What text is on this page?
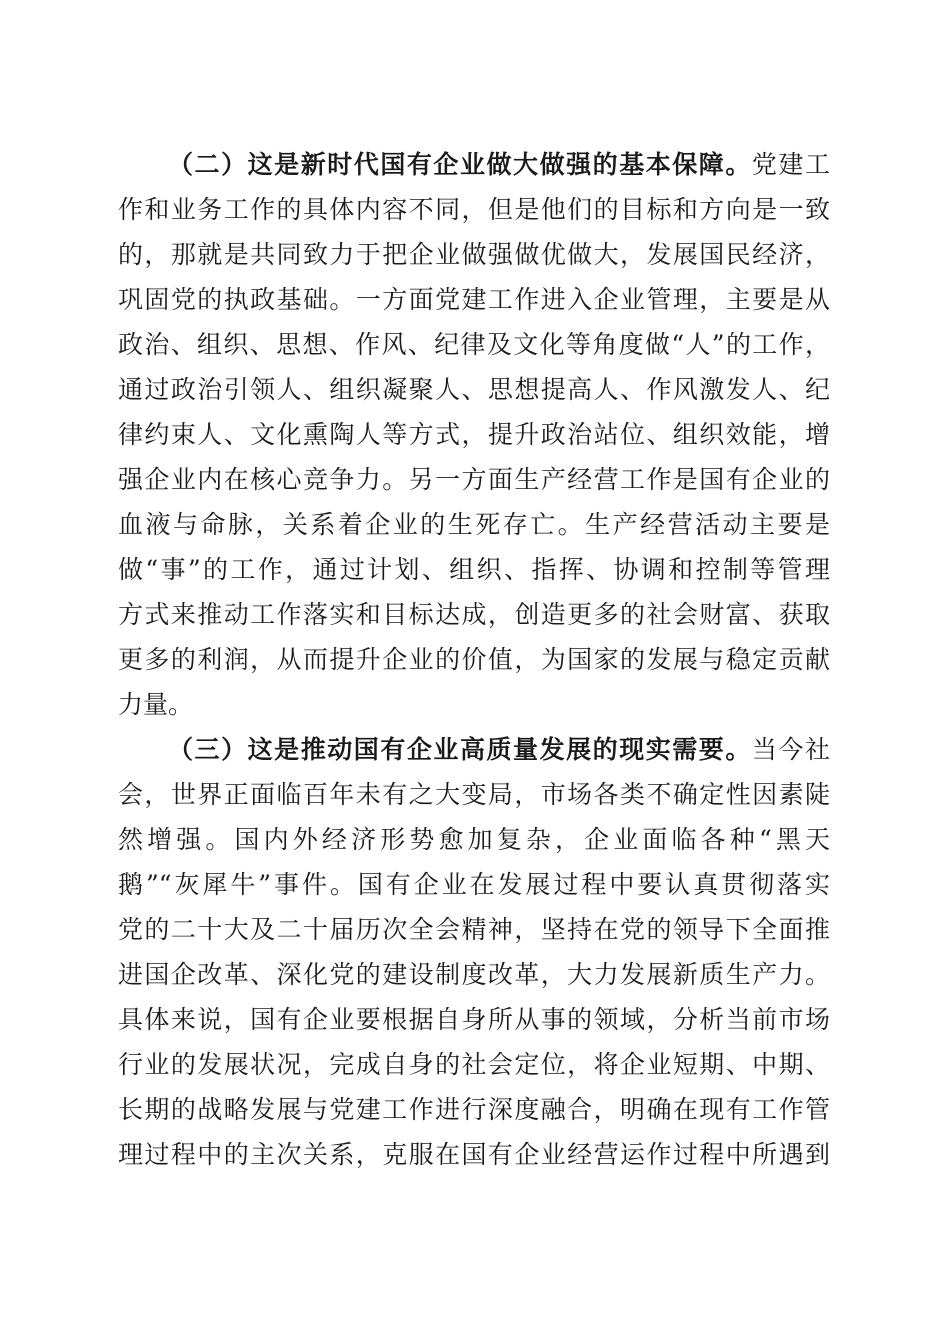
（二）这是新时代国有企业做大做强的基本保障。党建工
作和业务工作的具体内容不同，但是他们的目标和方向是一致
的，那就是共同致力于把企业做强做优做大，发展国民经济，
巩固党的执政基础。一方面党建工作进入企业管理，主要是从
政治、组织、思想、作风、纪律及文化等角度做“人”的工作，
通过政治引领人、组织凝聚人、思想提高人、作风激发人、纪
律约束人、文化熏陶人等方式，提升政治站位、组织效能，增
强企业内在核心竞争力。另一方面生产经营工作是国有企业的
血液与命脉，关系着企业的生死存亡。生产经营活动主要是
做“事”的工作，通过计划、组织、指挥、协调和控制等管理
方式来推动工作落实和目标达成，创造更多的社会财富、获取
更多的利润，从而提升企业的价值，为国家的发展与稳定贡献
力量。
（三）这是推动国有企业高质量发展的现实需要。当今社
会，世界正面临百年未有之大变局，市场各类不确定性因素陡
然增强。国内外经济形势愈加复杂，企业面临各种“黑天
鹅”“灰犀牛”事件。国有企业在发展过程中要认真贯彻落实
党的二十大及二十届历次全会精神，坚持在党的领导下全面推
进国企改革、深化党的建设制度改革，大力发展新质生产力。
具体来说，国有企业要根据自身所从事的领域，分析当前市场
行业的发展状况，完成自身的社会定位，将企业短期、中期、
长期的战略发展与党建工作进行深度融合，明确在现有工作管
理过程中的主次关系，克服在国有企业经营运作过程中所遇到
